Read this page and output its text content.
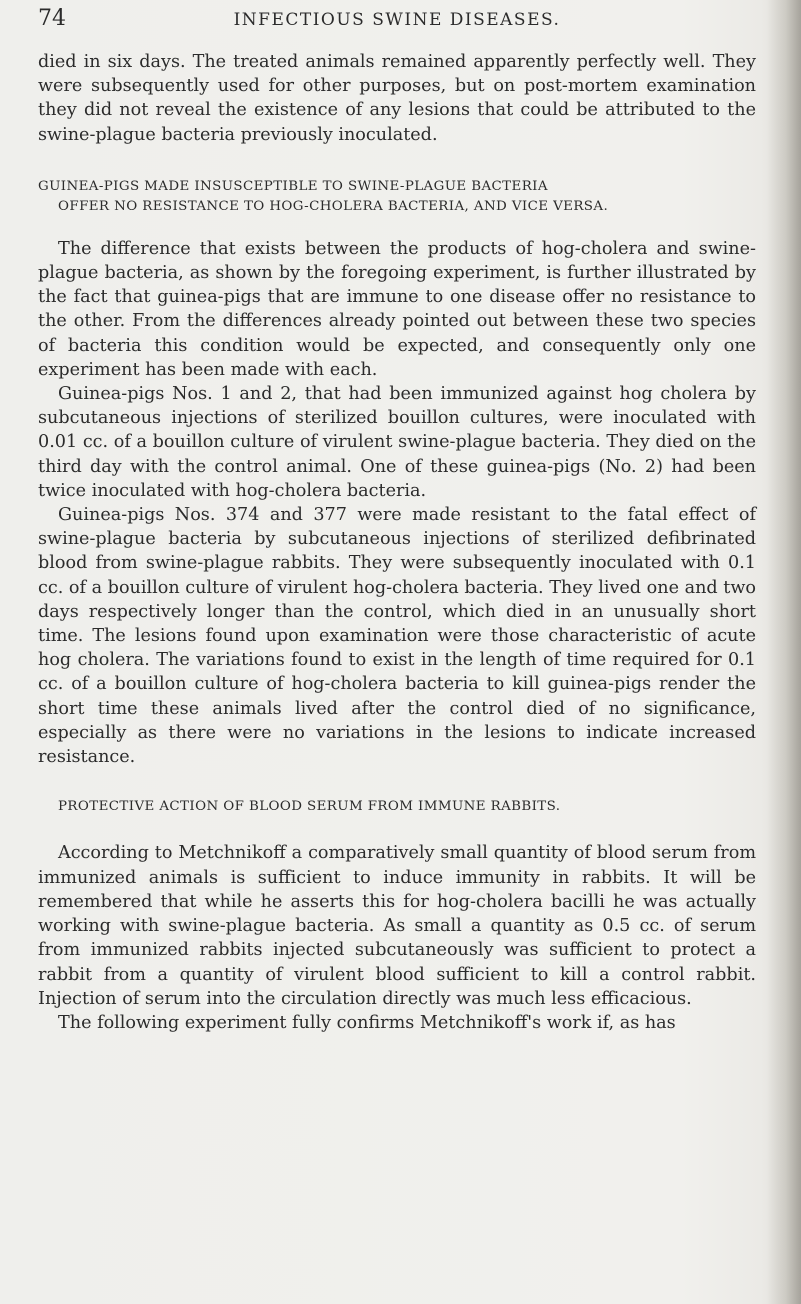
74	INFECTIOUS SWINE DISEASES.

died in six days. The treated animals remained apparently perfectly well. They were subsequently used for other purposes, but on post-mortem examination they did not reveal the existence of any lesions that could be attributed to the swine-plague bacteria previously inoculated.

GUINEA-PIGS MADE INSUSCEPTIBLE TO SWINE-PLAGUE BACTERIA
OFFER NO RESISTANCE TO HOG-CHOLERA BACTERIA, AND VICE VERSA.

The difference that exists between the products of hog-cholera and swine-plague bacteria, as shown by the foregoing experiment, is further illustrated by the fact that guinea-pigs that are immune to one disease offer no resistance to the other. From the differences already pointed out between these two species of bacteria this condition would be expected, and consequently only one experiment has been made with each.

Guinea-pigs Nos. 1 and 2, that had been immunized against hog cholera by subcutaneous injections of sterilized bouillon cultures, were inoculated with 0.01 cc. of a bouillon culture of virulent swine-plague bacteria. They died on the third day with the control animal. One of these guinea-pigs (No. 2) had been twice inoculated with hog-cholera bacteria.

Guinea-pigs Nos. 374 and 377 were made resistant to the fatal effect of swine-plague bacteria by subcutaneous injections of sterilized defibrinated blood from swine-plague rabbits. They were subsequently inoculated with 0.1 cc. of a bouillon culture of virulent hog-cholera bacteria. They lived one and two days respectively longer than the control, which died in an unusually short time. The lesions found upon examination were those characteristic of acute hog cholera. The variations found to exist in the length of time required for 0.1 cc. of a bouillon culture of hog-cholera bacteria to kill guinea-pigs render the short time these animals lived after the control died of no significance, especially as there were no variations in the lesions to indicate increased resistance.

PROTECTIVE ACTION OF BLOOD SERUM FROM IMMUNE RABBITS.

According to Metchnikoff a comparatively small quantity of blood serum from immunized animals is sufficient to induce immunity in rabbits. It will be remembered that while he asserts this for hog-cholera bacilli he was actually working with swine-plague bacteria. As small a quantity as 0.5 cc. of serum from immunized rabbits injected subcutaneously was sufficient to protect a rabbit from a quantity of virulent blood sufficient to kill a control rabbit. Injection of serum into the circulation directly was much less efficacious.

The following experiment fully confirms Metchnikoff's work if, as has
